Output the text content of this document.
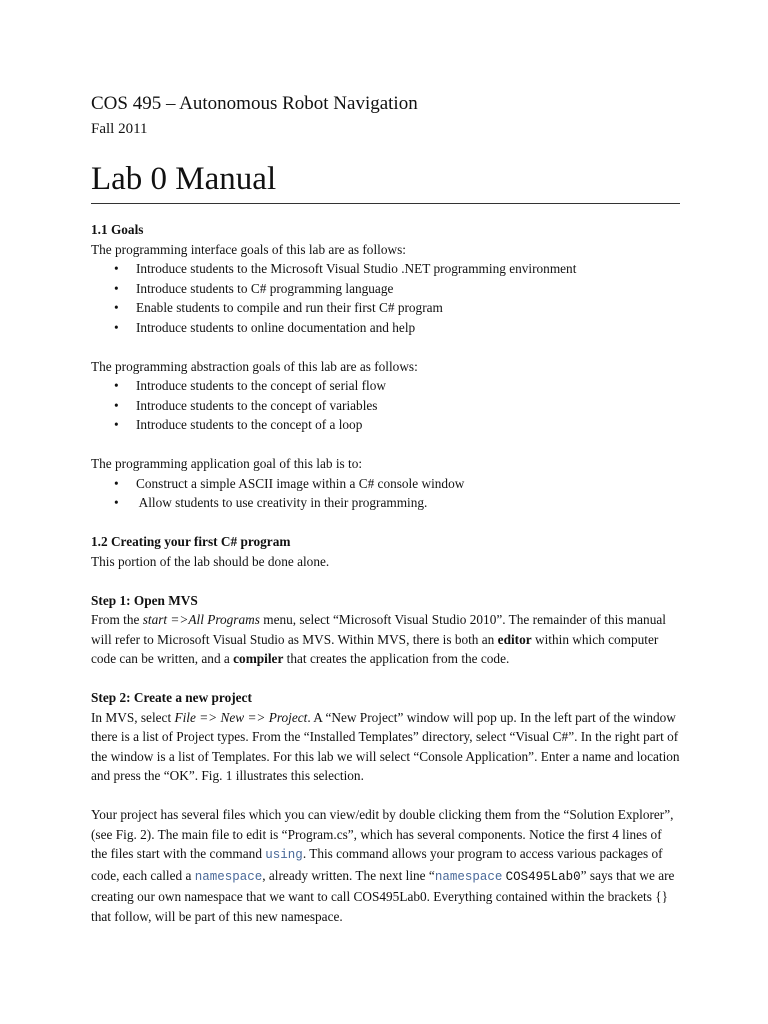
COS 495 – Autonomous Robot Navigation
Fall 2011
Lab 0 Manual

1.1 Goals

The programming interface goals of this lab are as follows:

• Introduce students to the Microsoft Visual Studio .NET programming environment
• Introduce students to C# programming language
• Enable students to compile and run their first C# program
• Introduce students to online documentation and help

The programming abstraction goals of this lab are as follows:

• Introduce students to the concept of serial flow
• Introduce students to the concept of variables
• Introduce students to the concept of a loop

The programming application goal of this lab is to:

• Construct a simple ASCII image within a C# console window
• Allow students to use creativity in their programming.

1.2 Creating your first C# program

This portion of the lab should be done alone.

Step 1: Open MVS

From the start =>All Programs menu, select “Microsoft Visual Studio 2010”. The remainder of this manual will refer to Microsoft Visual Studio as MVS. Within MVS, there is both an editor within which computer code can be written, and a compiler that creates the application from the code.

Step 2: Create a new project

In MVS, select File => New => Project. A “New Project” window will pop up. In the left part of the window there is a list of Project types. From the “Installed Templates” directory, select “Visual C#”. In the right part of the window is a list of Templates. For this lab we will select “Console Application”. Enter a name and location and press the “OK”. Fig. 1 illustrates this selection.

Your project has several files which you can view/edit by double clicking them from the “Solution Explorer”, (see Fig. 2). The main file to edit is “Program.cs”, which has several components. Notice the first 4 lines of the files start with the command using. This command allows your program to access various packages of code, each called a namespace, already written. The next line “namespace COS495Lab0” says that we are creating our own namespace that we want to call COS495Lab0. Everything contained within the brackets {} that follow, will be part of this new namespace.
